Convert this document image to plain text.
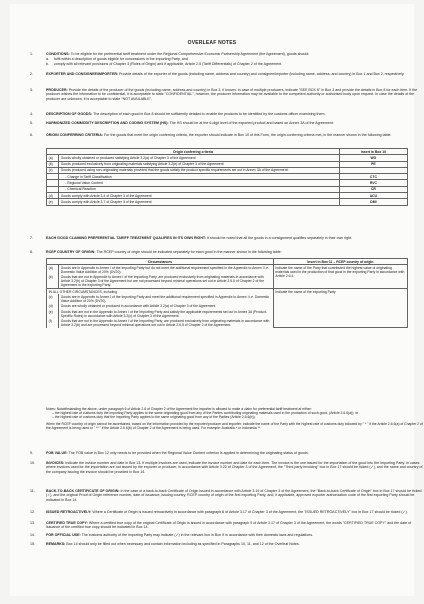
OVERLEAF NOTES
1.	CONDITIONS: To be eligible for the preferential tariff treatment under the Regional Comprehensive Economic Partnership Agreement (the Agreement), goods should:
a.	fulfil within a description of goods eligible for concessions in the importing Party; and
b.	comply with all relevant provisions of Chapter 3 (Rules of Origin) and if applicable, Article 2.5 (Tariff Differentials) of Chapter 2 of the Agreement.
2.	EXPORTER AND CONSIGNEE/IMPORTER: Provide details of the exporter of the goods (including name, address and country) and consignee/importer (including name, address, and country) in Box 1 and Box 2, respectively.
3.	PRODUCER: Provide the details of the producer of the goods (including name, address and country) in Box 3, if known. In case of multiple producers, indicate "SEE BOX 8" in Box 3 and provide the details in Box 8 for each item. If the producer wishes the information to be confidential, it is acceptable to state "CONFIDENTIAL", however, the producer information may be available to the competent authority or authorised body upon request. In case the details of the producer are unknown, it is acceptable to state "NOT AVAILABLE".
4.	DESCRIPTION OF GOODS: The description of each good in Box 8 should be sufficiently detailed to enable the products to be identified by the customs officer examining them.
5.	HARMONIZED COMMODITY DESCRIPTION AND CODING SYSTEM (HS): The HS should be at the 6-digit level of the exported product and based on Annex 3A of the Agreement.
6.	ORIGIN CONFERRING CRITERIA: For the goods that meet the origin conferring criteria, the exporter should indicate in Box 10 of this Form, the origin conferring criteria met, in the manner shown in the following table:
Origin conferring criteria		Insert in Box 10
(a)	Goods wholly obtained or produced satisfying Article 3.2(a) of Chapter 3 of the Agreement	WO
(b)	Goods produced exclusively from originating materials satisfying Article 3.2(b) of Chapter 3 of the Agreement	PE
(c)	Goods produced using non-originating materials provided that the goods satisfy the product specific requirements set out in Annex 3A of the Agreement:	
	- Change in Tariff Classification	CTC
	- Regional Value Content	RVC
	- Chemical Reaction	CR
(d)	Goods comply with Article 3.4 of Chapter 3 of the Agreement	ACU
(e)	Goods comply with Article 3.7 of Chapter 3 of the Agreement	DMI
7.	EACH GOOD CLAIMING PREFERENTIAL TARIFF TREATMENT QUALIFIES IN ITS OWN RIGHT: It should be noted that all the goods in a consignment qualifies separately in their own right.
8.	RCEP COUNTRY OF ORIGIN: The RCEP country of origin should be indicated separately for each good in the manner shown in the following table:
Circumstances		Insert in Box 11 – RCEP country of origin
(a)	Goods are in Appendix to Annex I of the Importing Party but do not meet the additional requirement specified in the Appendix to Annex I i.e. Domestic Value Addition of 20% (DV20).	Indicate the name of the Party that contributed the highest value of originating materials used in the production of that good in the exporting Party in accordance with Article 2.6.4.
(b)	Goods that are not in Appendix to Annex I of the Importing Party, are produced exclusively from originating materials in accordance with Article 3.2(b) of Chapter 3 of the Agreement but are not processed beyond minimal operations set out in Article 2.6.5 of Chapter 2 of the Agreement in the exporting Party.	
IN ALL OTHER CIRCUMSTANCES, including		Indicate the name of the exporting Party
(c)	Goods are in Appendix to Annex I of the Importing Party and meet the additional requirement specified in Appendix to Annex I i.e. Domestic Value Addition of 20% (DV20).	
(d)	Goods are wholly obtained or produced in accordance with Article 3.2(a) of Chapter 3 of the Agreement	
(e)	Goods that are not in the Appendix to Annex I of the Importing Party and satisfy the applicable requirements set out in Annex 3A (Product-Specific Rules) in accordance with Article 3.2(c) of Chapter 3 of the Agreement.	
(f)	Goods that are not in the Appendix to Annex I of the Importing Party, are produced exclusively from originating materials in accordance with Article 3.2(b) and are processed beyond minimal operations set out in Article 2.6.5 of Chapter 2 of the Agreement.	
Notes: Notwithstanding the above, under paragraph 6 of Article 2.6 of Chapter 2 of the Agreement the importer is allowed to make a claim for preferential tariff treatment at either:
– the highest rate of customs duty the importing Party applies to the same originating good from any of the Parties contributing originating materials used in the production of such good, (Article 2.6.6(a)), or
– the highest rate of customs duty that the importing Party applies to the same originating good from any of the Parties (Article 2.6.6(b)).
When the RCEP country of origin cannot be ascertained, based on the information provided by the exporter/producer and importer, indicate the name of the Party with the highest rate of customs duty followed by " * " if the Article 2.6.6(a) of Chapter 2 of the Agreement is being used or " ** " if the Article 2.6.6(b) of Chapter 2 of the Agreement is being used. For example: Australia * or Indonesia **.
9.	FOB VALUE: The FOB value in Box 12 only needs to be provided when the Regional Value Content criterion is applied in determining the originating status of goods.
10.	INVOICES: Indicate the invoice number and date in Box 13. If multiple invoices are used, indicate the invoice number and date for each item. The invoice is the one issued for the importation of the good into the importing Party. In cases where invoices used for the importation are not issued by the exporter or producer, in accordance with Article 3.20 of Chapter 3 of the Agreement, the "Third party invoicing" box in Box 17 should be ticked (✓), and the name and country of the company issuing the invoice should be provided in Box 14.
11.	BACK-TO-BACK CERTIFICATE OF ORIGIN: In the case of a back-to-back Certificate of Origin issued in accordance with Article 3.19 of Chapter 3 of the Agreement, the "Back-to-back Certificate of Origin" box in Box 17 should be ticked (✓), and the original Proof of Origin reference number, date of issuance, issuing country, RCEP country of origin of the first exporting Party, and, if applicable, approved exporter authorization code of the first exporting Party should be indicated in Box 14.
12.	ISSUED RETROACTIVELY: Where a Certificate of Origin is issued retroactively in accordance with paragraph 8 of Article 3.17 of Chapter 3 of the Agreement, the "ISSUED RETROACTIVELY" box in Box 17 should be ticked (✓).
13.	CERTIFIED TRUE COPY: Where a certified true copy of the original Certificate of Origin is issued in accordance with paragraph 9 of Article 3.17 of Chapter 3 of the Agreement, the words "CERTIFIED TRUE COPY" and the date of issuance of the certified true copy should be indicated in Box 14.
14.	FOR OFFICIAL USE: The customs authority of the importing Party may indicate (✓) in the relevant box in Box 9 in accordance with their domestic laws and regulations.
15.	REMARKS: Box 14 should only be filled out when necessary and contain information including as specified in Paragraphs 10, 11, and 12 of the Overleaf Notes.
